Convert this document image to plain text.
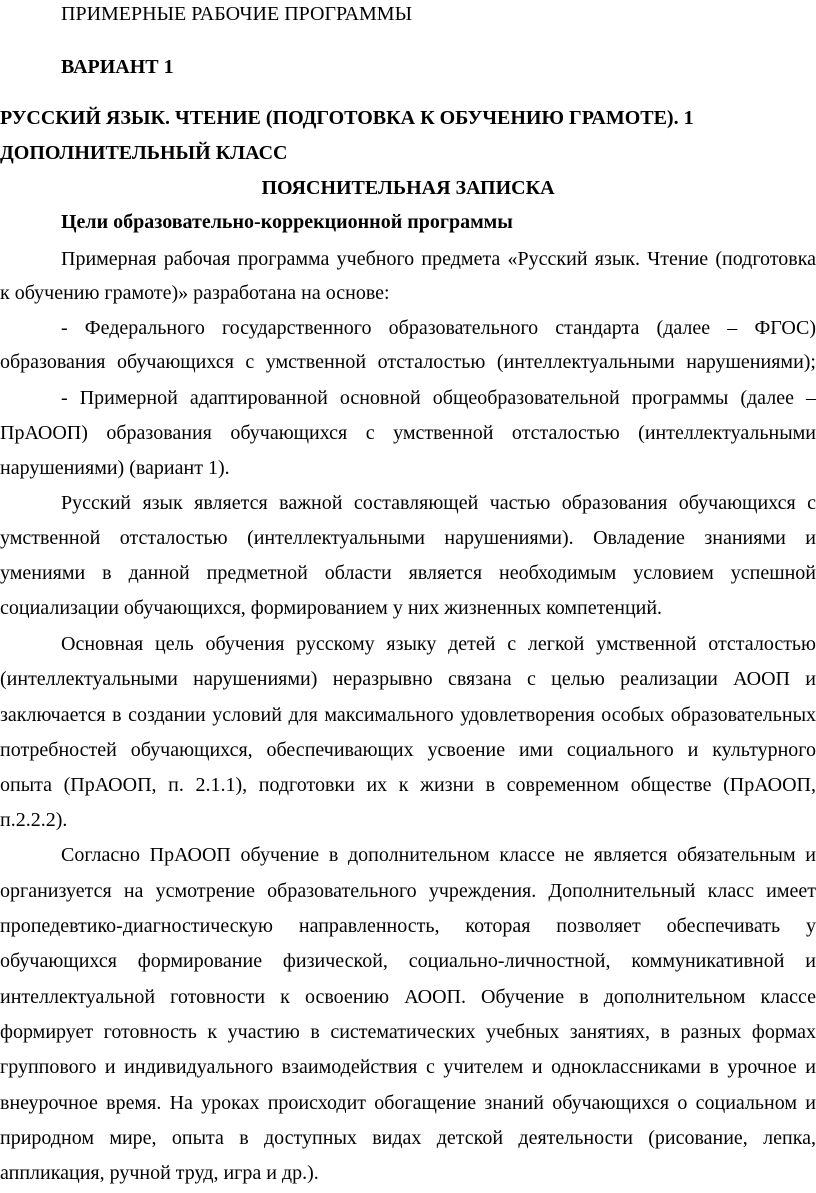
ПРИМЕРНЫЕ РАБОЧИЕ ПРОГРАММЫ
ВАРИАНТ 1
РУССКИЙ ЯЗЫК. ЧТЕНИЕ (ПОДГОТОВКА К ОБУЧЕНИЮ ГРАМОТЕ). 1
ДОПОЛНИТЕЛЬНЫЙ КЛАСС
ПОЯСНИТЕЛЬНАЯ ЗАПИСКА
Цели образовательно-коррекционной программы
Примерная рабочая программа учебного предмета «Русский язык. Чтение (подготовка
к обучению грамоте)» разработана на основе:
- Федерального государственного образовательного стандарта (далее – ФГОС)
образования обучающихся с умственной отсталостью (интеллектуальными нарушениями);
- Примерной адаптированной основной общеобразовательной программы (далее –
ПрАООП) образования обучающихся с умственной отсталостью (интеллектуальными
нарушениями) (вариант 1).
Русский язык является важной составляющей частью образования обучающихся с
умственной отсталостью (интеллектуальными нарушениями). Овладение знаниями и
умениями в данной предметной области является необходимым условием успешной
социализации обучающихся, формированием у них жизненных компетенций.
Основная цель обучения русскому языку детей с легкой умственной отсталостью
(интеллектуальными нарушениями) неразрывно связана с целью реализации АООП и
заключается в создании условий для максимального удовлетворения особых образовательных
потребностей обучающихся, обеспечивающих усвоение ими социального и культурного
опыта (ПрАООП, п. 2.1.1), подготовки их к жизни в современном обществе (ПрАООП,
п.2.2.2).
Согласно ПрАООП обучение в дополнительном классе не является обязательным и
организуется на усмотрение образовательного учреждения. Дополнительный класс имеет
пропедевтико-диагностическую направленность, которая позволяет обеспечивать у
обучающихся формирование физической, социально-личностной, коммуникативной и
интеллектуальной готовности к освоению АООП. Обучение в дополнительном классе
формирует готовность к участию в систематических учебных занятиях, в разных формах
группового и индивидуального взаимодействия с учителем и одноклассниками в урочное и
внеурочное время. На уроках происходит обогащение знаний обучающихся о социальном и
природном мире, опыта в доступных видах детской деятельности (рисование, лепка,
аппликация, ручной труд, игра и др.).
